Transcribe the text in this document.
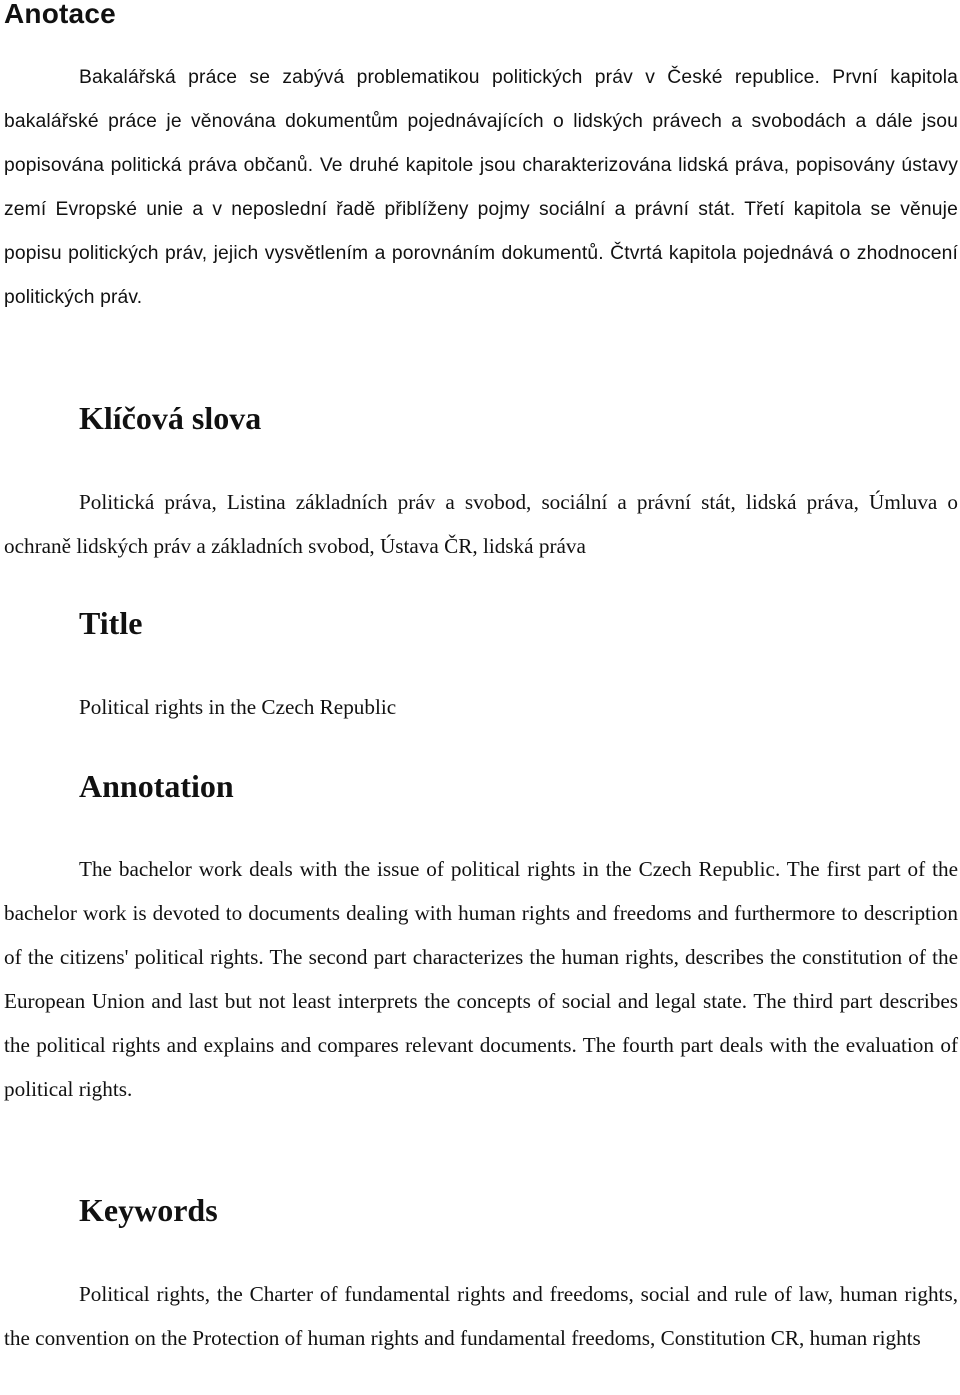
Anotace

Bakalářská práce se zabývá problematikou politických práv v České republice. První kapitola bakalářské práce je věnována dokumentům pojednávajících o lidských právech a svobodách a dále jsou popisována politická práva občanů. Ve druhé kapitole jsou charakterizována lidská práva, popisovány ústavy zemí Evropské unie a v neposlední řadě přiblíženy pojmy sociální a právní stát. Třetí kapitola se věnuje popisu politických práv, jejich vysvětlením a porovnáním dokumentů. Čtvrtá kapitola pojednává o zhodnocení politických práv.

Klíčová slova

Politická práva, Listina základních práv a svobod, sociální a právní stát, lidská práva, Úmluva o ochraně lidských práv a základních svobod, Ústava ČR, lidská práva

Title

Political rights in the Czech Republic

Annotation

The bachelor work deals with the issue of political rights in the Czech Republic. The first part of the bachelor work is devoted to documents dealing with human rights and freedoms and furthermore to description of the citizens' political rights. The second part characterizes the human rights, describes the constitution of the European Union and last but not least interprets the concepts of social and legal state. The third part describes the political rights and explains and compares relevant documents. The fourth part deals with the evaluation of political rights.

Keywords

Political rights, the Charter of fundamental rights and freedoms, social and rule of law, human rights, the convention on the Protection of human rights and fundamental freedoms, Constitution CR, human rights
